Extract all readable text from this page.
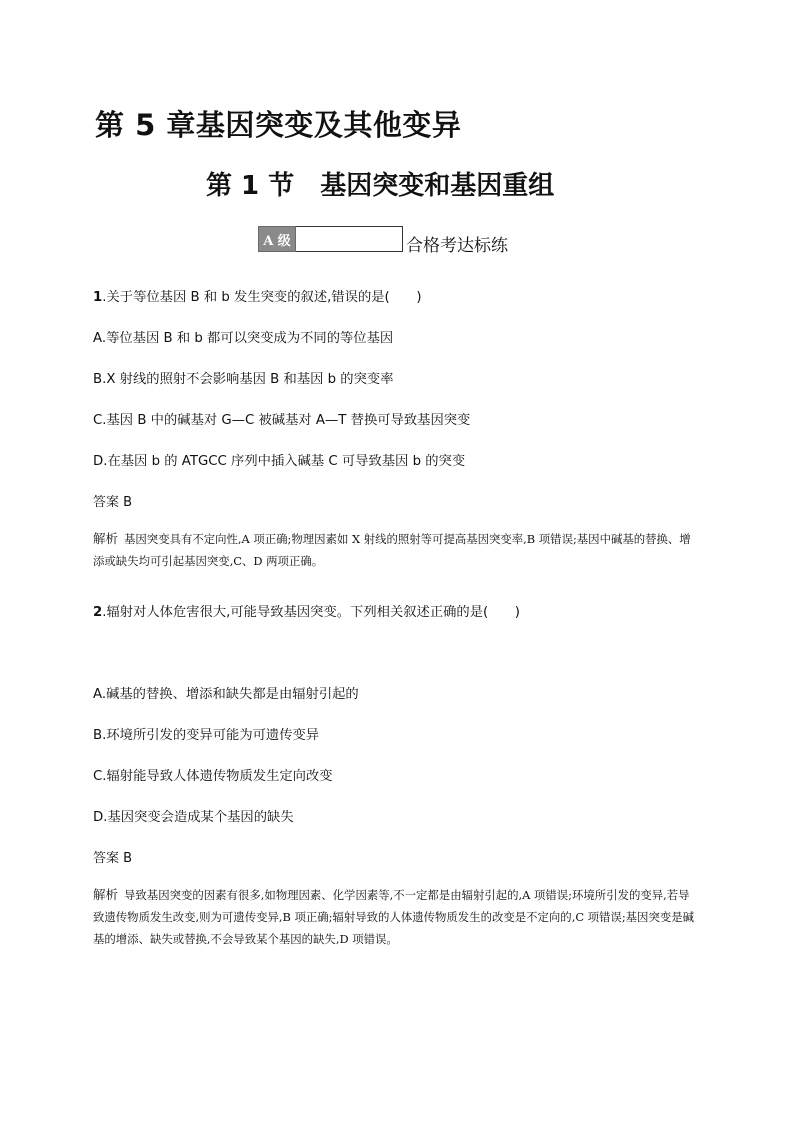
第 5 章基因突变及其他变异
第 1 节 基因突变和基因重组
A 级	合格考达标练
1.关于等位基因 B 和 b 发生突变的叙述,错误的是(　　)
A.等位基因 B 和 b 都可以突变成为不同的等位基因
B.X 射线的照射不会影响基因 B 和基因 b 的突变率
C.基因 B 中的碱基对 G—C 被碱基对 A—T 替换可导致基因突变
D.在基因 b 的 ATGCC 序列中插入碱基 C 可导致基因 b 的突变
答案 B
解析 基因突变具有不定向性,A 项正确;物理因素如 X 射线的照射等可提高基因突变率,B 项错误;基因中碱基的替换、增添或缺失均可引起基因突变,C、D 两项正确。
2.辐射对人体危害很大,可能导致基因突变。下列相关叙述正确的是(　　)
A.碱基的替换、增添和缺失都是由辐射引起的
B.环境所引发的变异可能为可遗传变异
C.辐射能导致人体遗传物质发生定向改变
D.基因突变会造成某个基因的缺失
答案 B
解析 导致基因突变的因素有很多,如物理因素、化学因素等,不一定都是由辐射引起的,A 项错误;环境所引发的变异,若导致遗传物质发生改变,则为可遗传变异,B 项正确;辐射导致的人体遗传物质发生的改变是不定向的,C 项错误;基因突变是碱基的增添、缺失或替换,不会导致某个基因的缺失,D 项错误。
